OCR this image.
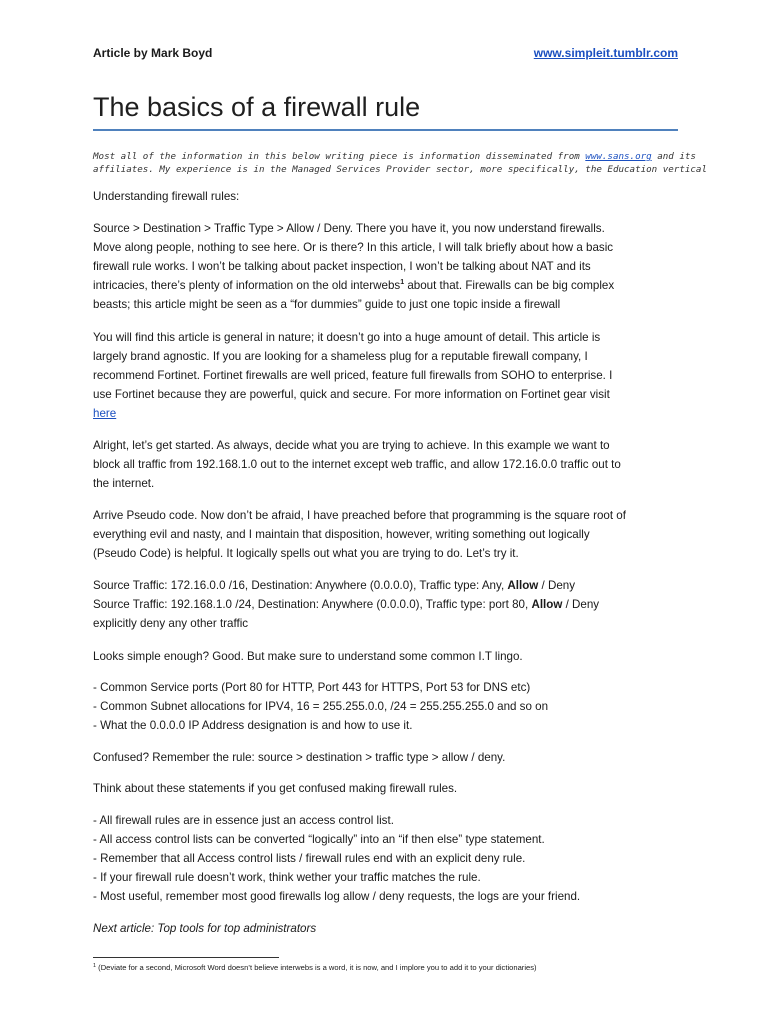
Article by Mark Boyd	www.simpleit.tumblr.com
The basics of a firewall rule
Most all of the information in this below writing piece is information disseminated from www.sans.org and its
affiliates. My experience is in the Managed Services Provider sector, more specifically, the Education vertical
Understanding firewall rules:
Source > Destination > Traffic Type > Allow / Deny. There you have it, you now understand firewalls.
Move along people, nothing to see here. Or is there? In this article, I will talk briefly about how a basic
firewall rule works. I won’t be talking about packet inspection, I won’t be talking about NAT and its
intricacies, there’s plenty of information on the old interwebs$^1$ about that. Firewalls can be big complex
beasts; this article might be seen as a “for dummies” guide to just one topic inside a firewall
You will find this article is general in nature; it doesn’t go into a huge amount of detail. This article is
largely brand agnostic. If you are looking for a shameless plug for a reputable firewall company, I
recommend Fortinet. Fortinet firewalls are well priced, feature full firewalls from SOHO to enterprise. I
use Fortinet because they are powerful, quick and secure. For more information on Fortinet gear visit
here
Alright, let’s get started. As always, decide what you are trying to achieve. In this example we want to
block all traffic from 192.168.1.0 out to the internet except web traffic, and allow 172.16.0.0 traffic out to
the internet.
Arrive Pseudo code. Now don’t be afraid, I have preached before that programming is the square root of
everything evil and nasty, and I maintain that disposition, however, writing something out logically
(Pseudo Code) is helpful. It logically spells out what you are trying to do. Let’s try it.
Source Traffic: 172.16.0.0 /16, Destination: Anywhere (0.0.0.0), Traffic type: Any, Allow / Deny
Source Traffic: 192.168.1.0 /24, Destination: Anywhere (0.0.0.0), Traffic type: port 80, Allow / Deny
explicitly deny any other traffic
Looks simple enough? Good. But make sure to understand some common I.T lingo.
- Common Service ports (Port 80 for HTTP, Port 443 for HTTPS, Port 53 for DNS etc)
- Common Subnet allocations for IPV4, 16 = 255.255.0.0, /24 = 255.255.255.0 and so on
- What the 0.0.0.0 IP Address designation is and how to use it.
Confused? Remember the rule: source > destination > traffic type > allow / deny.
Think about these statements if you get confused making firewall rules.
- All firewall rules are in essence just an access control list.
- All access control lists can be converted “logically” into an “if then else” type statement.
- Remember that all Access control lists / firewall rules end with an explicit deny rule.
- If your firewall rule doesn’t work, think wether your traffic matches the rule.
- Most useful, remember most good firewalls log allow / deny requests, the logs are your friend.
Next article: Top tools for top administrators
$^1$ (Deviate for a second, Microsoft Word doesn’t believe interwebs is a word, it is now, and I implore you to add it to your dictionaries)
